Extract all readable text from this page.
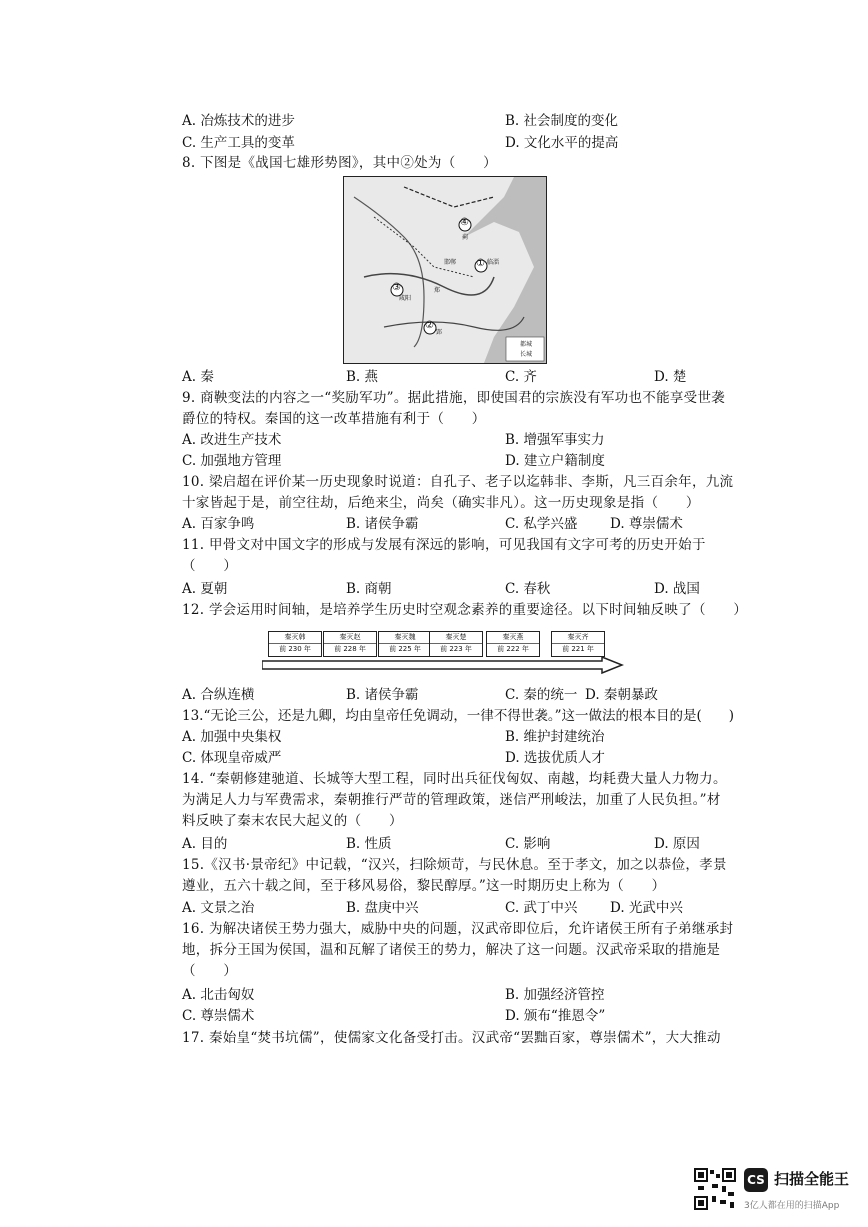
A. 冶炼技术的进步	B. 社会制度的变化
C. 生产工具的变革	D. 文化水平的提高
8. 下图是《战国七雄形势图》，其中②处为（　　）
④
①
③
②
临淄
咸阳
郑
邯郸
蓟
郢
都城
长城
A. 秦	B. 燕	C. 齐	D. 楚
9. 商鞅变法的内容之一“奖励军功”。据此措施，即使国君的宗族没有军功也不能享受世袭
爵位的特权。秦国的这一改革措施有利于（　　）
A. 改进生产技术	B. 增强军事实力
C. 加强地方管理	D. 建立户籍制度
10. 梁启超在评价某一历史现象时说道：自孔子、老子以迄韩非、李斯，凡三百余年，九流
十家皆起于是，前空往劫，后绝来尘，尚矣（确实非凡）。这一历史现象是指（　　）
A. 百家争鸣	B. 诸侯争霸	C. 私学兴盛 D. 尊崇儒术
11. 甲骨文对中国文字的形成与发展有深远的影响，可见我国有文字可考的历史开始于
（　　）
A. 夏朝	B. 商朝	C. 春秋	D. 战国
12. 学会运用时间轴，是培养学生历史时空观念素养的重要途径。以下时间轴反映了（　　）
秦灭韩
前 230 年
秦灭赵
前 228 年
秦灭魏
前 225 年
秦灭楚
前 223 年
秦灭燕
前 222 年
秦灭齐
前 221 年
A. 合纵连横	B. 诸侯争霸	C. 秦的统一 D. 秦朝暴政
13.“无论三公，还是九卿，均由皇帝任免调动，一律不得世袭。”这一做法的根本目的是(　　)
A. 加强中央集权	B. 维护封建统治
C. 体现皇帝威严	D. 选拔优质人才
14. “秦朝修建驰道、长城等大型工程，同时出兵征伐匈奴、南越，均耗费大量人力物力。
为满足人力与军费需求，秦朝推行严苛的管理政策，迷信严刑峻法，加重了人民负担。”材
料反映了秦末农民大起义的（　　）
A. 目的	B. 性质	C. 影响	D. 原因
15.《汉书·景帝纪》中记载，“汉兴，扫除烦苛，与民休息。至于孝文，加之以恭俭，孝景
遵业，五六十载之间，至于移风易俗，黎民醇厚。”这一时期历史上称为（　　）
A. 文景之治	B. 盘庚中兴	C. 武丁中兴 D. 光武中兴
16. 为解决诸侯王势力强大，威胁中央的问题，汉武帝即位后，允许诸侯王所有子弟继承封
地，拆分王国为侯国，温和瓦解了诸侯王的势力，解决了这一问题。汉武帝采取的措施是
（　　）
A. 北击匈奴	B. 加强经济管控
C. 尊崇儒术	D. 颁布“推恩令”
17. 秦始皇“焚书坑儒”，使儒家文化备受打击。汉武帝“罢黜百家，尊崇儒术”，大大推动
CS 扫描全能王
3亿人都在用的扫描App
